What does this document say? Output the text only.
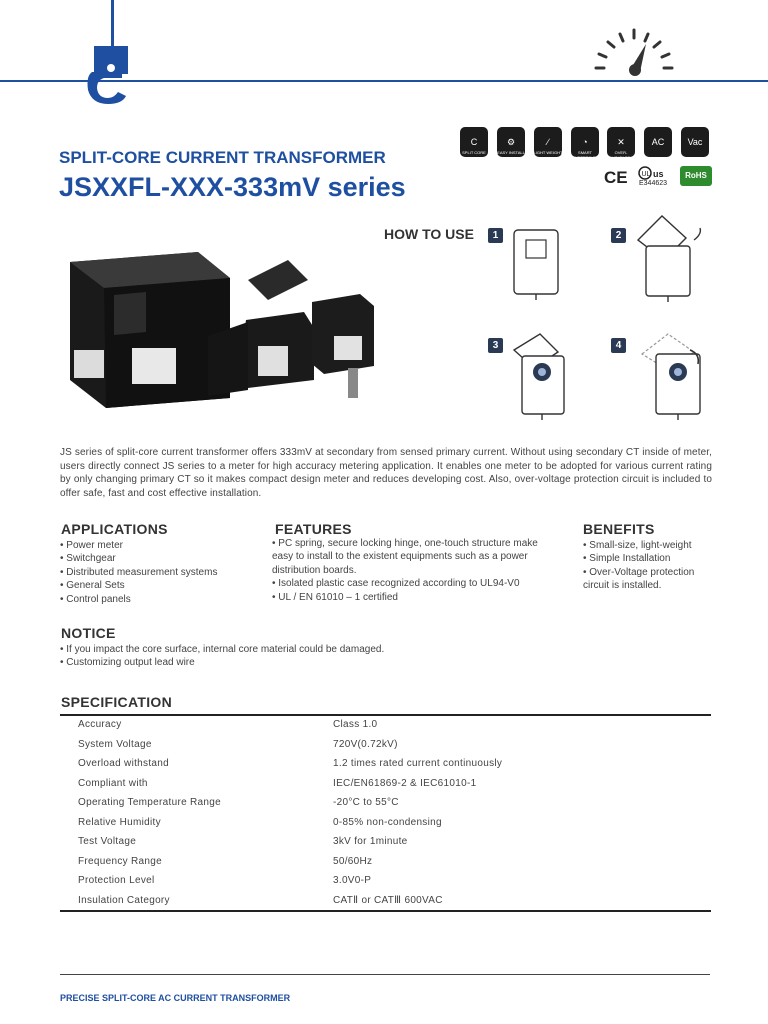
SPLIT-CORE CURRENT TRANSFORMER
JSXXFL-XXX-333mV series
C	⚙	∕	◔	✕	AC	Vac
SPLIT CORE	EASY INSTALL LIGHT WEIGHT	SMART METERING
OVER-VOLTAGE PROTECTION
CE UL us
E344623
RoHS
HOW TO USE	1	2
3	4
JS series of split-core current transformer offers 333mV at secondary from sensed primary current. Without using secondary CT inside of meter, users directly connect JS series to a meter for high accuracy metering application. It enables one meter to be adopted for various current rating by only changing primary CT so it makes compact design meter and reduces developing cost. Also, over-voltage protection circuit is included to offer safe, fast and cost effective installation.
APPLICATIONS
• Power meter
• Switchgear
• Distributed measurement systems
• General Sets
• Control panels
FEATURES
• PC spring, secure locking hinge, one-touch structure make easy to install to the existent equipments such as a power distribution boards.
• Isolated plastic case recognized according to UL94-V0
• UL / EN 61010 – 1 certified
BENEFITS
• Small-size, light-weight
• Simple Installation
• Over-Voltage protection circuit is installed.
NOTICE
• If you impact the core surface, internal core material could be damaged.
• Customizing output lead wire
SPECIFICATION
Accuracy	Class 1.0
System Voltage	720V(0.72kV)
Overload withstand	1.2 times rated current continuously
Compliant with	IEC/EN61869-2 & IEC61010-1
Operating Temperature Range	-20°C to 55°C
Relative Humidity	0-85% non-condensing
Test Voltage	3kV for 1minute
Frequency Range	50/60Hz
Protection Level	3.0V0-P
Insulation Category	CATⅡ or CATⅢ 600VAC
PRECISE SPLIT-CORE AC CURRENT TRANSFORMER
